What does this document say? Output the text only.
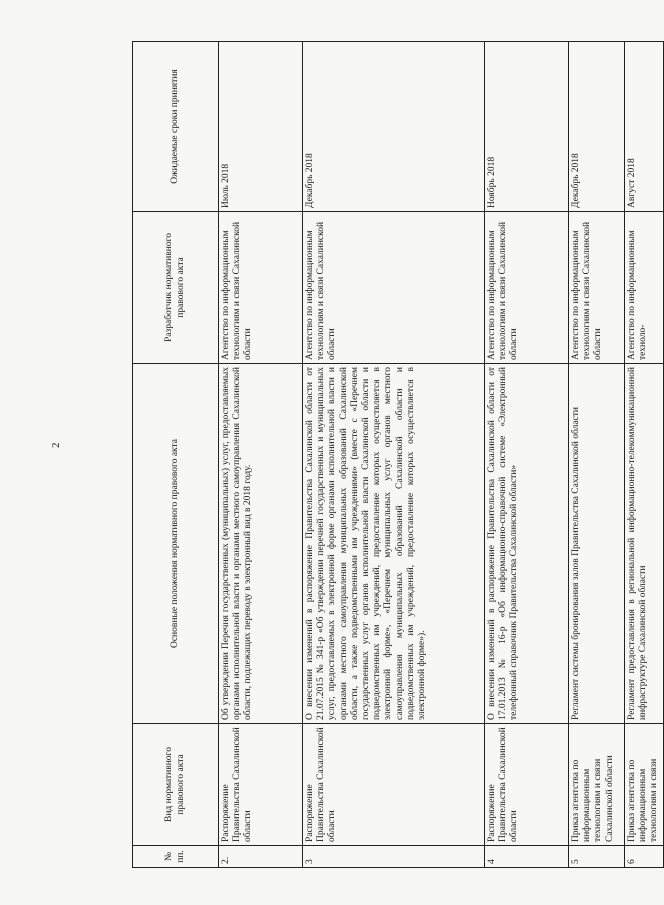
2
№ пп.	Вид нормативного правового акта	Основные положения нормативного правового акта	Разработчик нормативного правового акта	Ожидаемые сроки принятия
2.	Распоряжение Правительства Сахалинской области	Об утверждении Перечня государственных (муниципальных) услуг, предоставляемых органами исполнительной власти и органами местного самоуправления Сахалинской области, подлежащих переводу в электронный вид в 2018 году.	Агентство по информационным технологиям и связи Сахалинской области	Июль 2018
3	Распоряжение Правительства Сахалинской области	О внесении изменений в распоряжение Правительства Сахалинской области от 21.07.2015 № 341-р «Об утверждении перечней государственных и муниципальных услуг, предоставляемых в электронной форме органами исполнительной власти и органами местного самоуправления муниципальных образований Сахалинской области, а также подведомственными им учреждениями» (вместе с «Перечнем государственных услуг органов исполнительной власти Сахалинской области и подведомственных им учреждений, предоставление которых осуществляется в электронной форме», «Перечнем муниципальных услуг органов местного самоуправления муниципальных образований Сахалинской области и подведомственных им учреждений, предоставление которых осуществляется в электронной форме»).	Агентство по информационным технологиям и связи Сахалинской области	Декабрь 2018
4	Распоряжение Правительства Сахалинской области	О внесении изменений в распоряжение Правительства Сахалинской области от 17.01.2013 № 16-р «Об информационно-справочной системе «Электронный телефонный справочник Правительства Сахалинской области»	Агентство по информационным технологиям и связи Сахалинской области	Ноябрь 2018
5	Приказ агентства по информационным технологиям и связи Сахалинской области	Регламент системы бронирования залов Правительства Сахалинской области	Агентство по информационным технологиям и связи Сахалинской области	Декабрь 2018
6	Приказ агентства по информационным технологиям и связи	Регламент предоставления в региональной информационно-телекоммуникационной инфраструктуре Сахалинской области	Агентство по информационным техноло-	Август 2018
